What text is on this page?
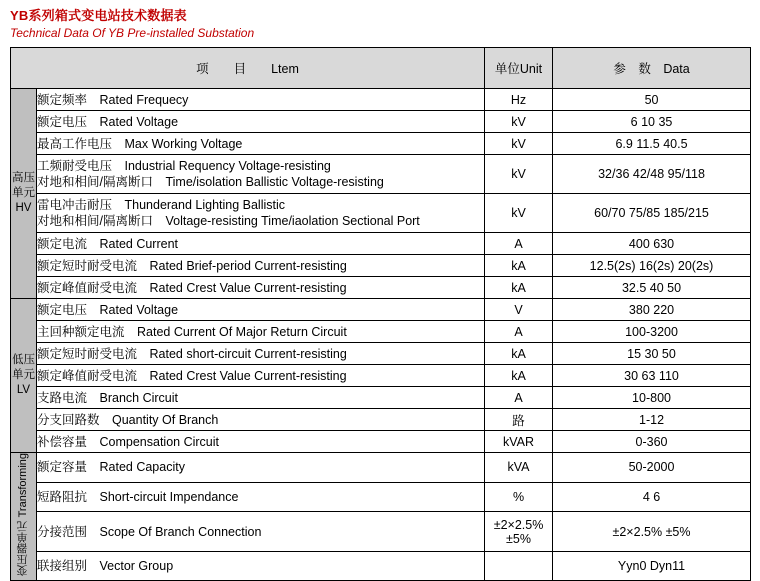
YB系列箱式变电站技术数据表
Technical Data Of YB Pre-installed Substation
项　　目　　Ltem		单位Unit	参　数　Data

高压单元
HV	额定频率　Rated Frequecy	Hz	50

	额定电压　Rated Voltage	kV	6 10 35

	最高工作电压　Max Working Voltage	kV	6.9 11.5 40.5

	工频耐受电压　Industrial Requency Voltage-resisting
对地和相间/隔离断口　Time/isolation Ballistic Voltage-resisting	kV	32/36 42/48 95/118

	雷电冲击耐压　Thunderand Lighting Ballistic
对地和相间/隔离断口　Voltage-resisting Time/iaolation Sectional Port	kV	60/70 75/85 185/215

	额定电流　Rated Current	A	400 630

	额定短时耐受电流　Rated Brief-period Current-resisting	kA	12.5(2s) 16(2s) 20(2s)

	额定峰值耐受电流　Rated Crest Value Current-resisting	kA	32.5 40 50

低压单元
LV	额定电压　Rated Voltage	V	380 220

	主回种额定电流　Rated Current Of Major Return Circuit	A	100-3200

	额定短时耐受电流　Rated short-circuit Current-resisting	kA	15 30 50

	额定峰值耐受电流　Rated Crest Value Current-resisting	kA	30 63 110

	支路电流　Branch Circuit	A	10-800

	分支回路数　Quantity Of Branch	路	1-12

	补偿容量　Compensation Circuit	kVAR	0-360
Transforming变压器单元	额定容量　Rated Capacity	kVA	50-2000

	短路阻抗　Short-circuit Impendance	%	4 6

	分接范围　Scope Of Branch Connection	±2×2.5% ±5%	±2×2.5% ±5%

	联接组别　Vector Group		Yyn0 Dyn11
